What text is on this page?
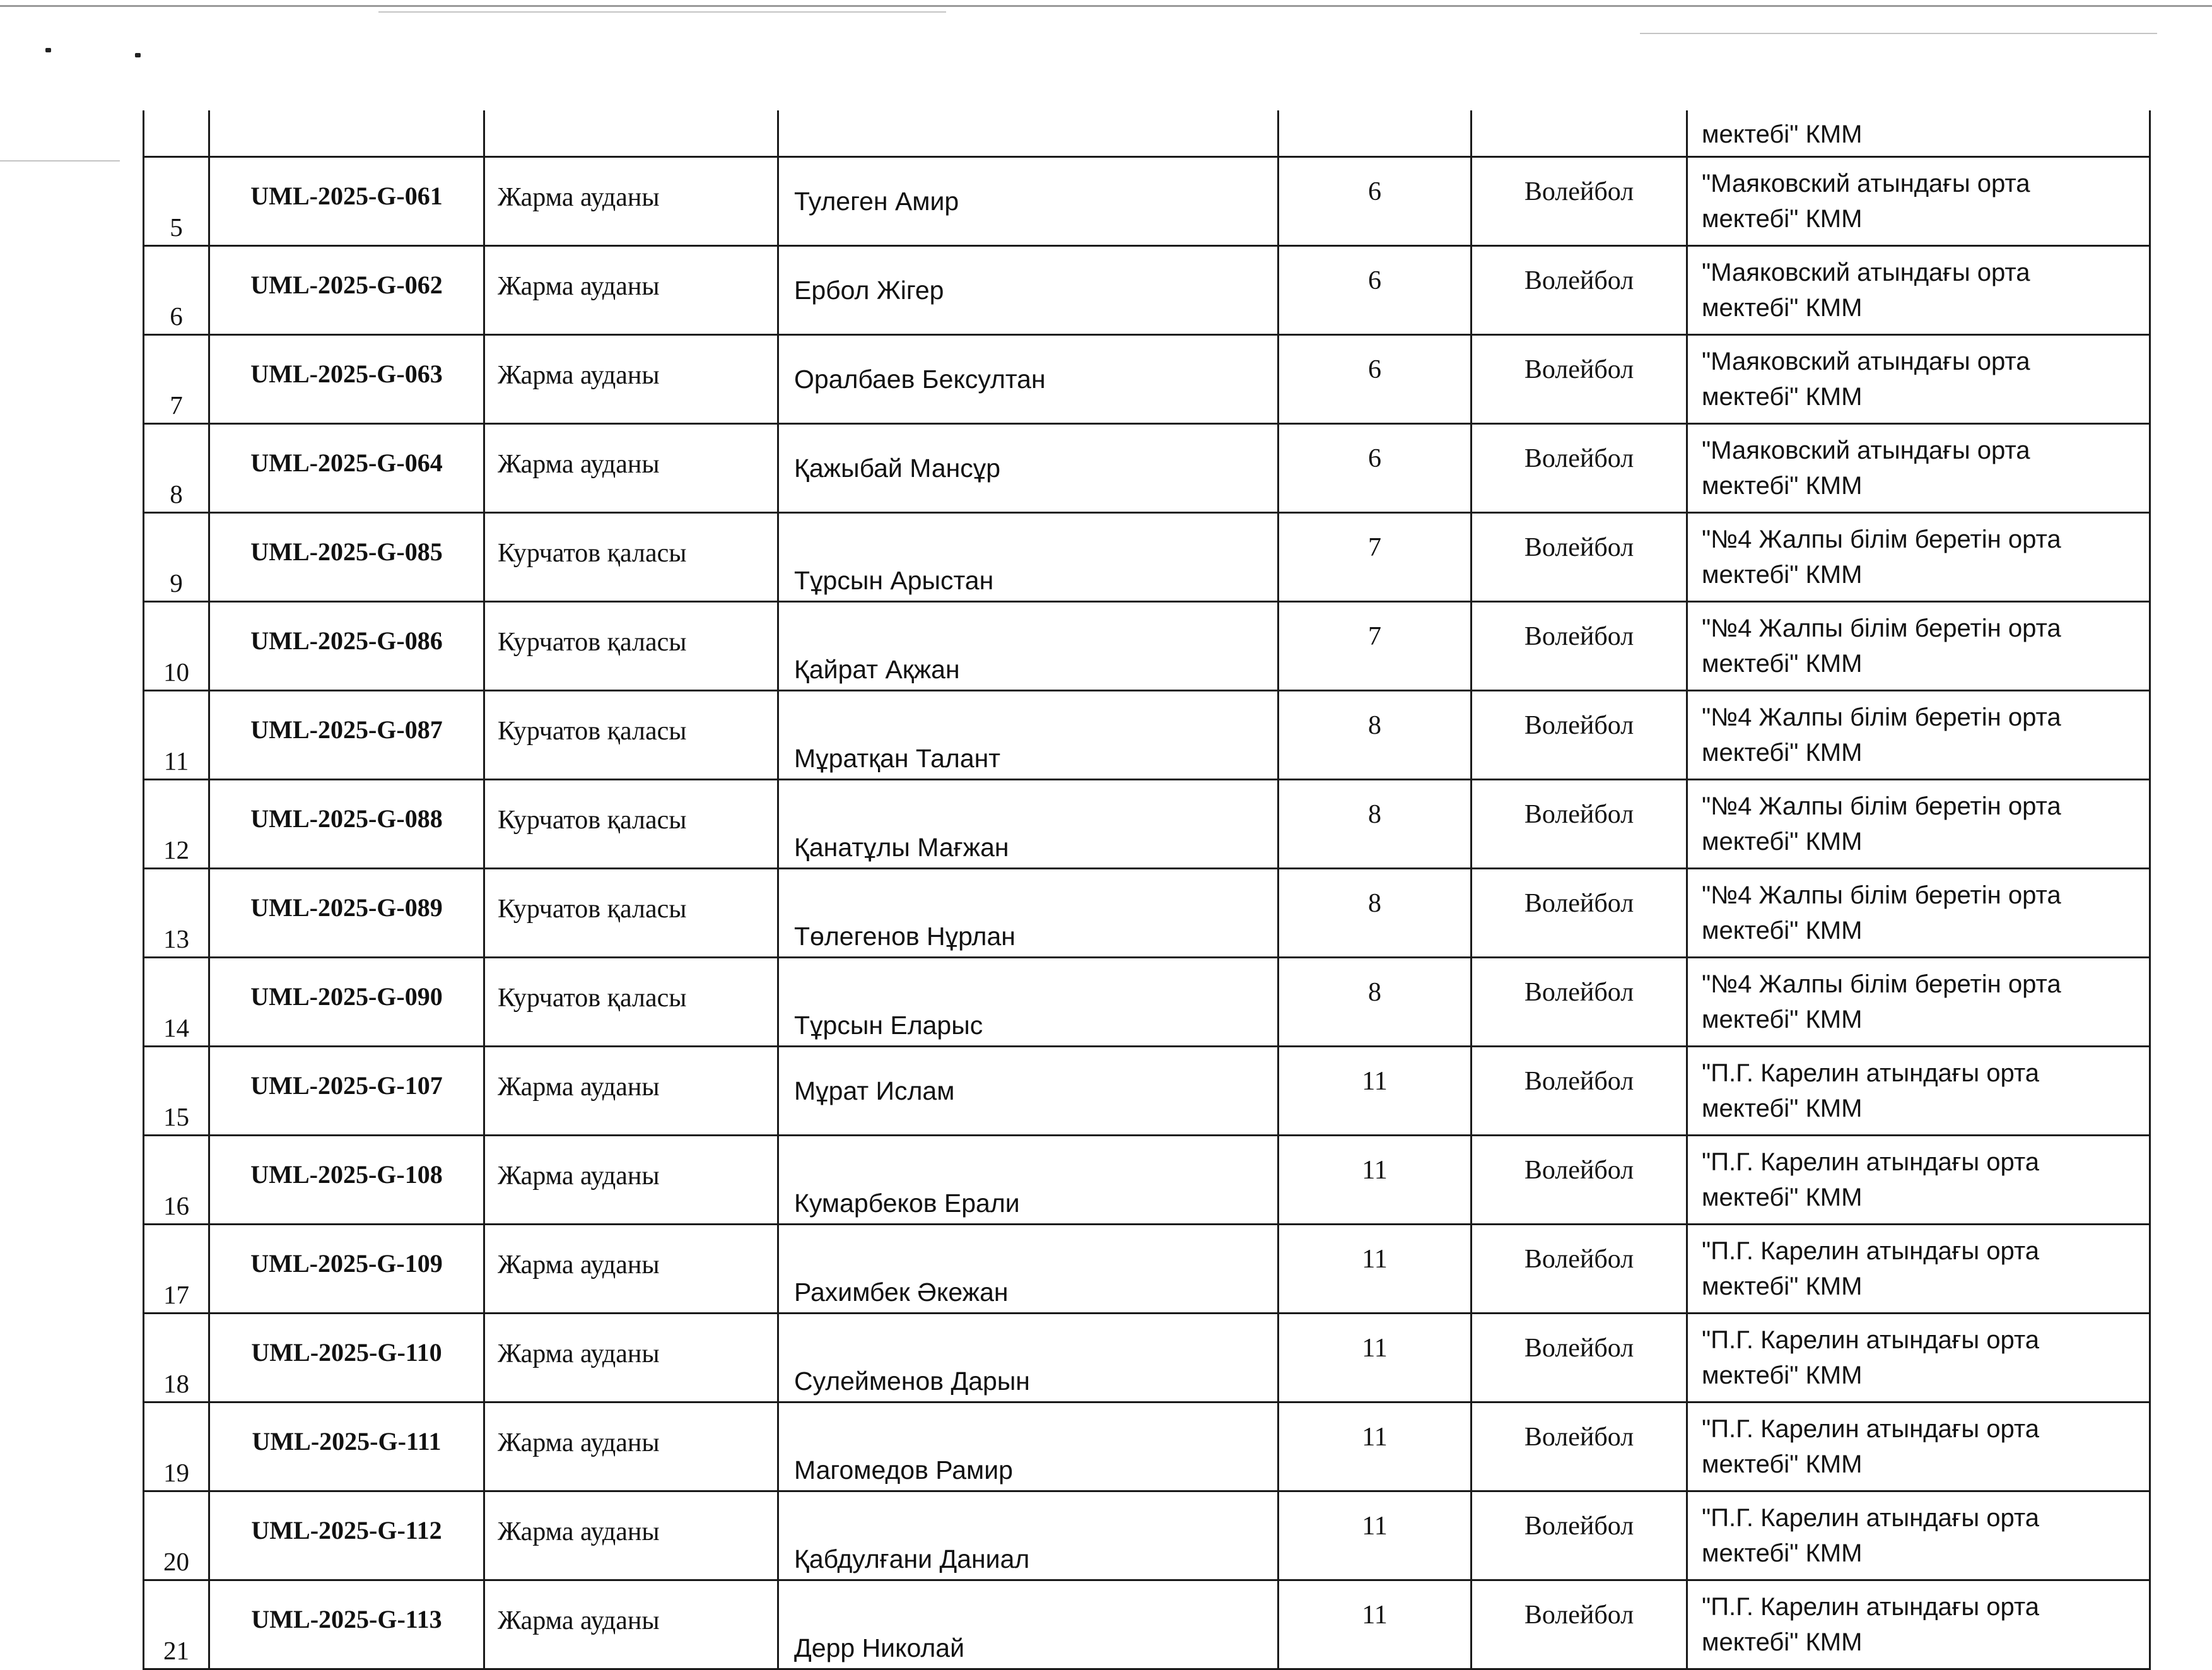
						мектебі" КММ

5	UML-2025-G-061	Жарма ауданы	Тулеген Амир	6	Волейбол	"Маяковский атындағы орта
мектебі" КММ

6	UML-2025-G-062	Жарма ауданы	Ербол Жігер	6	Волейбол	"Маяковский атындағы орта
мектебі" КММ

7	UML-2025-G-063	Жарма ауданы	Оралбаев Бексултан	6	Волейбол	"Маяковский атындағы орта
мектебі" КММ

8	UML-2025-G-064	Жарма ауданы	Қажыбай Мансұр	6	Волейбол	"Маяковский атындағы орта
мектебі" КММ

9	UML-2025-G-085	Курчатов қаласы	Тұрсын Арыстан	7	Волейбол	"№4 Жалпы білім беретін орта
мектебі" КММ

10	UML-2025-G-086	Курчатов қаласы	Қайрат Ақжан	7	Волейбол	"№4 Жалпы білім беретін орта
мектебі" КММ

11	UML-2025-G-087	Курчатов қаласы	Мұратқан Талант	8	Волейбол	"№4 Жалпы білім беретін орта
мектебі" КММ

12	UML-2025-G-088	Курчатов қаласы	Қанатұлы Мағжан	8	Волейбол	"№4 Жалпы білім беретін орта
мектебі" КММ

13	UML-2025-G-089	Курчатов қаласы	Төлегенов Нұрлан	8	Волейбол	"№4 Жалпы білім беретін орта
мектебі" КММ

14	UML-2025-G-090	Курчатов қаласы	Тұрсын Еларыс	8	Волейбол	"№4 Жалпы білім беретін орта
мектебі" КММ

15	UML-2025-G-107	Жарма ауданы	Мұрат Ислам	11	Волейбол	"П.Г. Карелин атындағы орта
мектебі" КММ

16	UML-2025-G-108	Жарма ауданы	Кумарбеков Ерали	11	Волейбол	"П.Г. Карелин атындағы орта
мектебі" КММ

17	UML-2025-G-109	Жарма ауданы	Рахимбек Әкежан	11	Волейбол	"П.Г. Карелин атындағы орта
мектебі" КММ

18	UML-2025-G-110	Жарма ауданы	Сулейменов Дарын	11	Волейбол	"П.Г. Карелин атындағы орта
мектебі" КММ

19	UML-2025-G-111	Жарма ауданы	Магомедов Рамир	11	Волейбол	"П.Г. Карелин атындағы орта
мектебі" КММ

20	UML-2025-G-112	Жарма ауданы	Қабдулғани Даниал	11	Волейбол	"П.Г. Карелин атындағы орта
мектебі" КММ

21	UML-2025-G-113	Жарма ауданы	Дерр Николай	11	Волейбол	"П.Г. Карелин атындағы орта
мектебі" КММ
